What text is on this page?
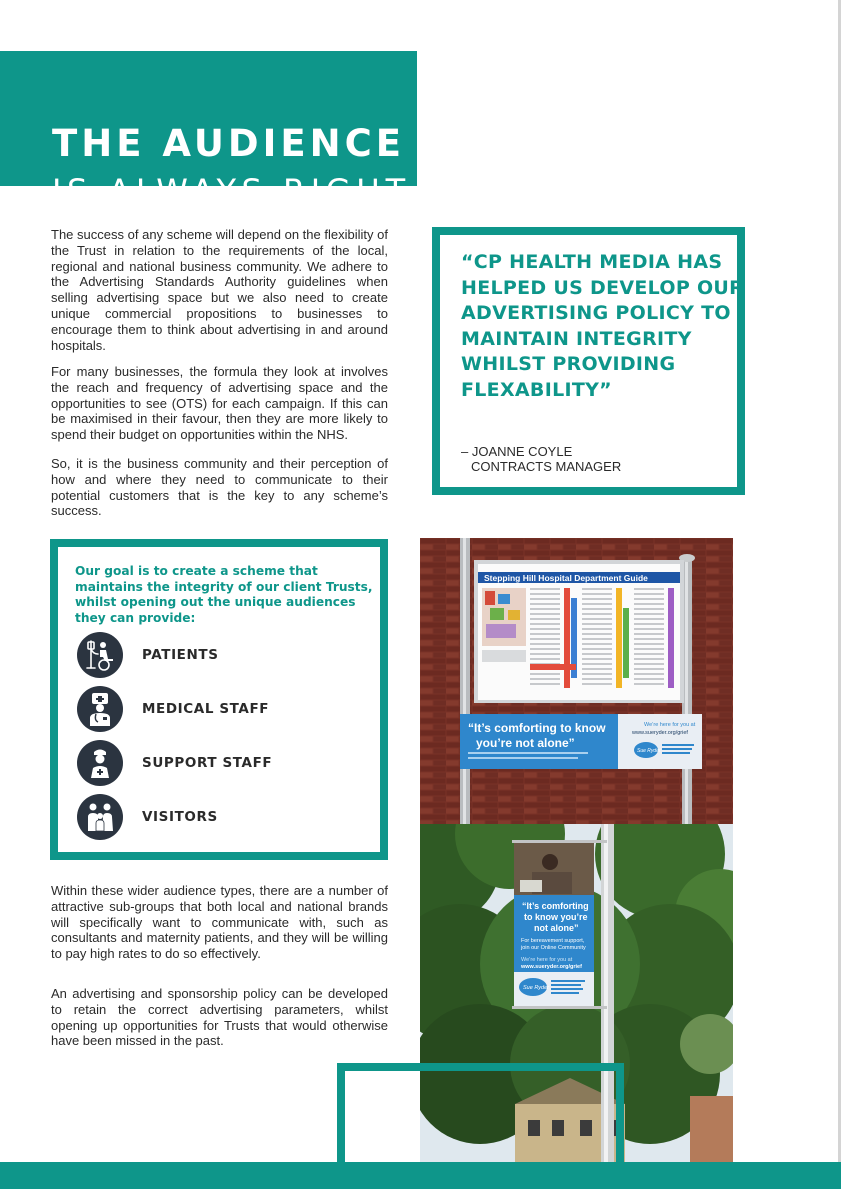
THE AUDIENCE
IS ALWAYS RIGHT

The success of any scheme will depend on the flexibility of the Trust in relation to the requirements of the local, regional and national business community. We adhere to the Advertising Standards Authority guidelines when selling advertising space but we also need to create unique commercial propositions to businesses to encourage them to think about advertising in and around hospitals.

For many businesses, the formula they look at involves the reach and frequency of advertising space and the opportunities to see (OTS) for each campaign. If this can be maximised in their favour, then they are more likely to spend their budget on opportunities within the NHS.

So, it is the business community and their perception of how and where they need to communicate to their potential customers that is the key to any scheme’s success.

“CP HEALTH MEDIA HAS HELPED US DEVELOP OUR ADVERTISING POLICY TO MAINTAIN INTEGRITY WHILST PROVIDING FLEXABILITY”
– JOANNE COYLE
CONTRACTS MANAGER
Our goal is to create a scheme that maintains the integrity of our client Trusts, whilst opening out the unique audiences they can provide:
PATIENTS
MEDICAL STAFF
SUPPORT STAFF
VISITORS

Within these wider audience types, there are a number of attractive sub-groups that both local and national brands will specifically want to communicate with, such as consultants and maternity patients, and they will be willing to pay high rates to do so effectively.

An advertising and sponsorship policy can be developed to retain the correct advertising parameters, whilst opening up opportunities for Trusts that would otherwise have been missed in the past.

Stepping Hill Hospital Department Guide
“It’s comforting to know
you’re not alone”
We’re here for you at
www.sueryder.org/grief
Sue Ryder
“It’s comforting
to know you’re
not alone”
For bereavement support,
join our Online Community
We’re here for you at
www.sueryder.org/grief
Sue Ryder
